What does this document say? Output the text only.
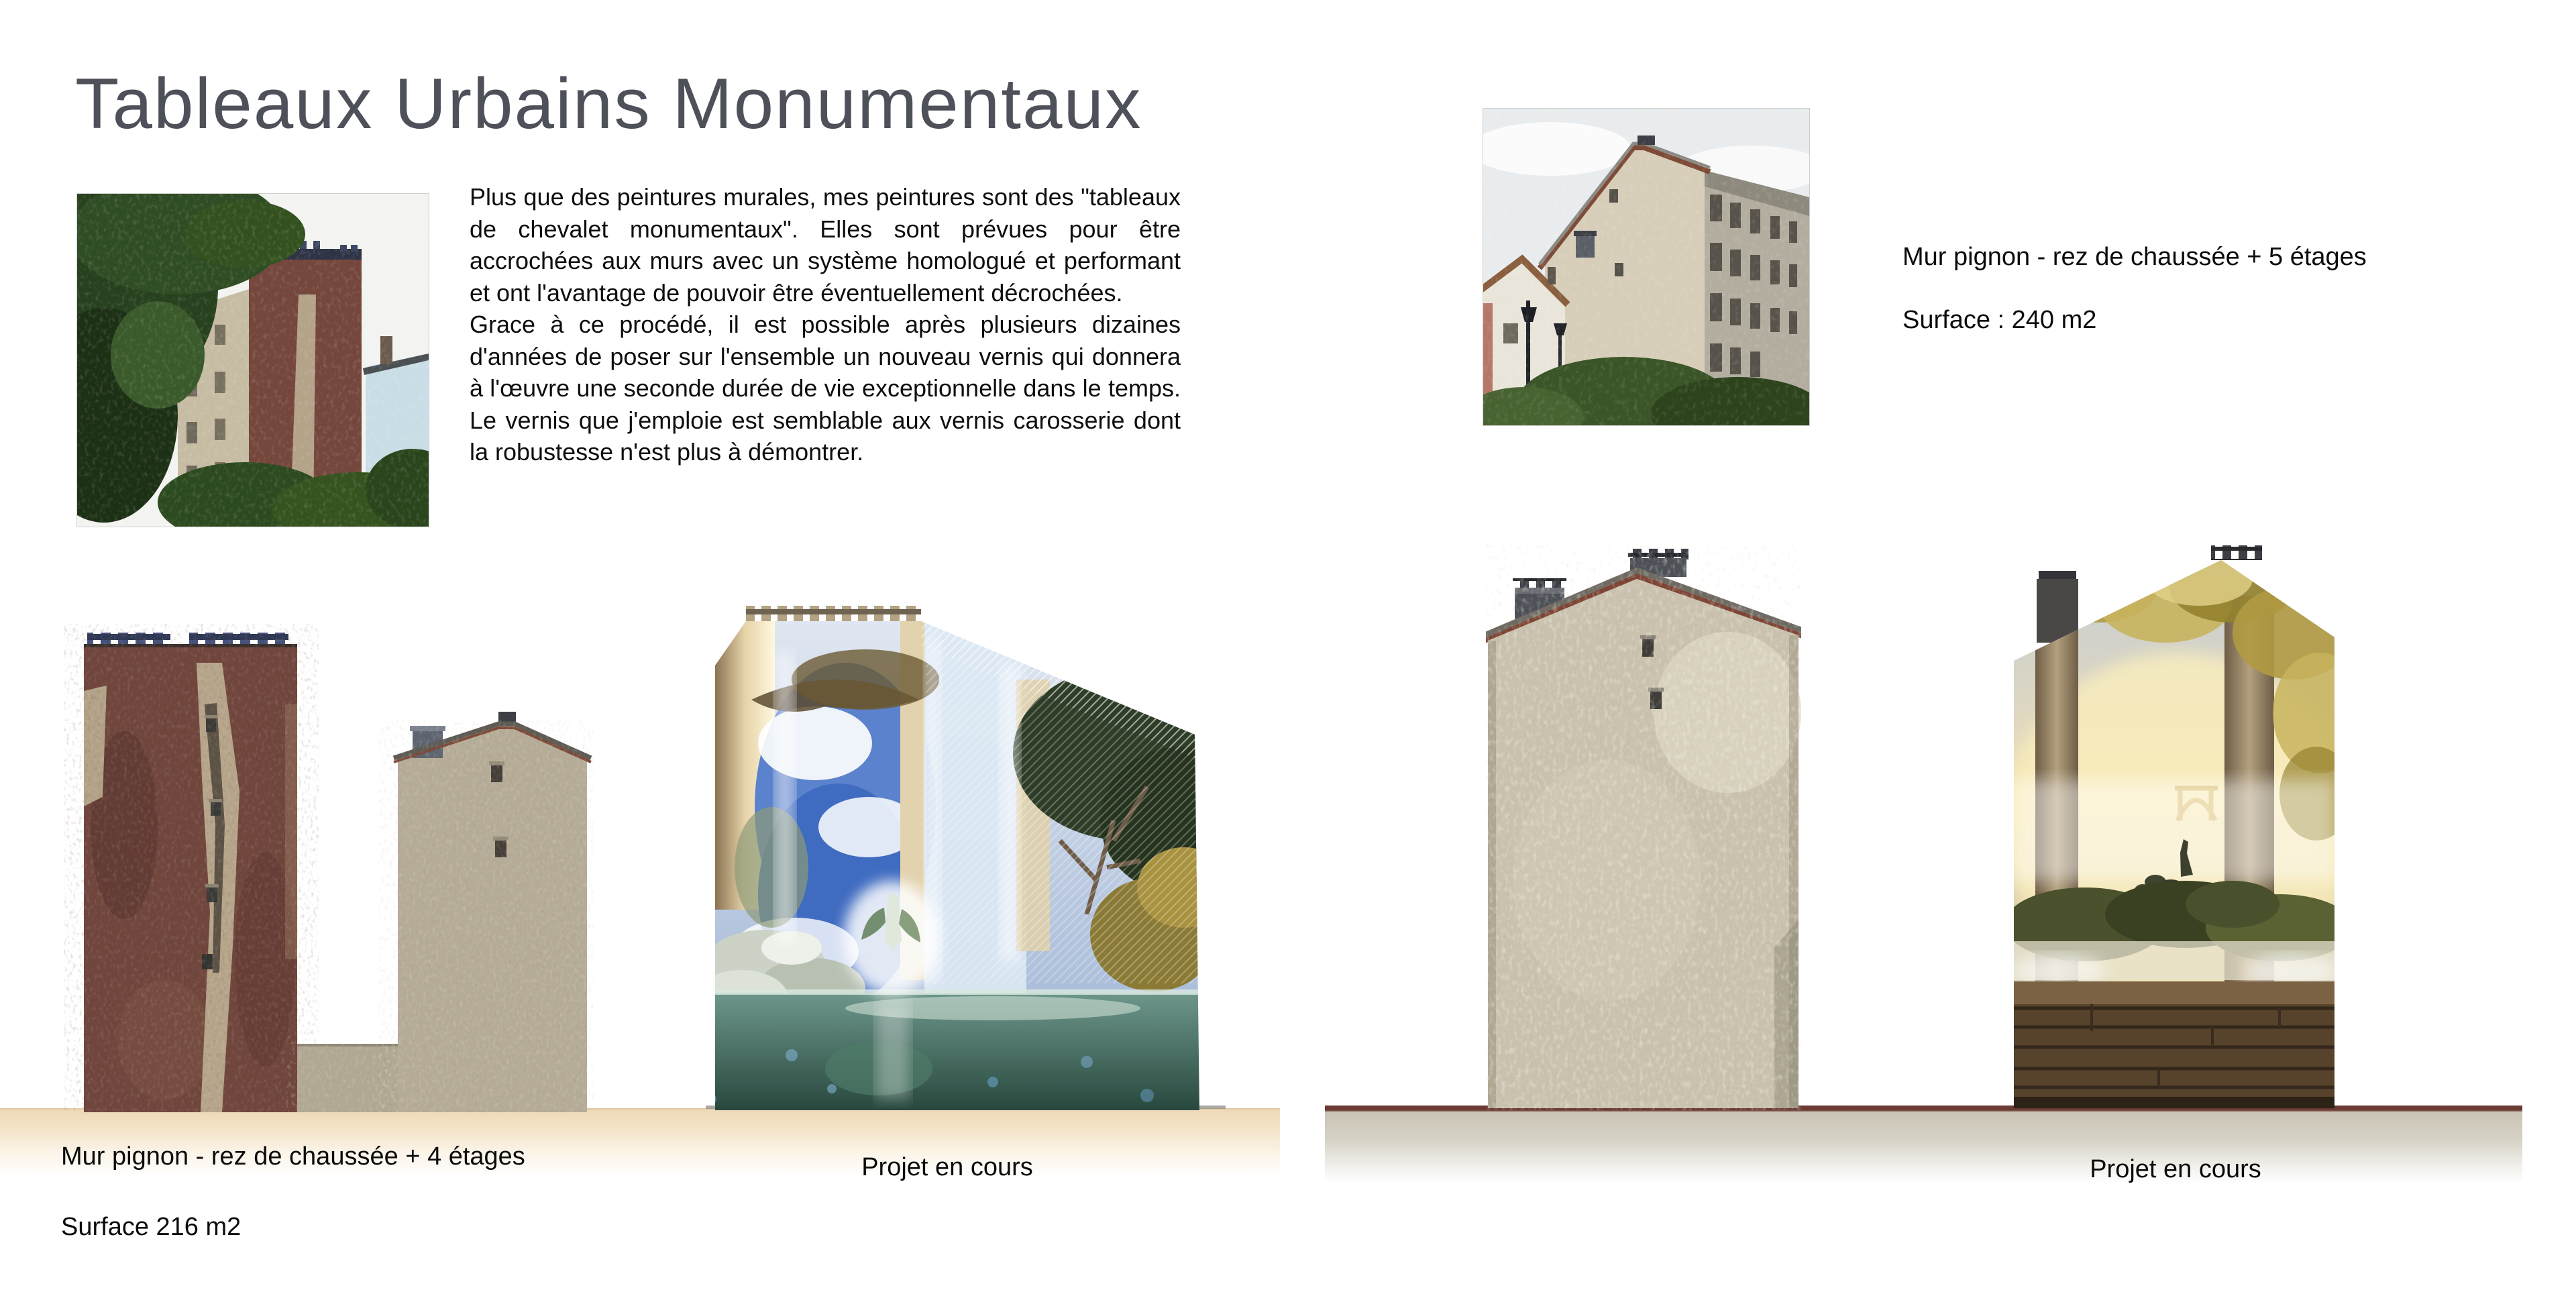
Tableaux Urbains Monumentaux

Plus que des peintures murales, mes peintures sont des "tableaux de chevalet monumentaux". Elles sont prévues pour être accrochées aux murs avec un système homologué et performant et ont l'avantage de pouvoir être éventuellement décrochées.

Grace à ce procédé, il est possible après plusieurs dizaines d'années de poser sur l'ensemble un nouveau vernis qui donnera à l'œuvre une seconde durée de vie exceptionnelle dans le temps. Le vernis que j'emploie est semblable aux vernis carosserie dont la robustesse n'est plus à démontrer.

Mur pignon - rez de chaussée + 5 étages
Surface : 240 m2
Mur pignon - rez de chaussée + 4 étages
Surface 216 m2
Projet en cours	Projet en cours
